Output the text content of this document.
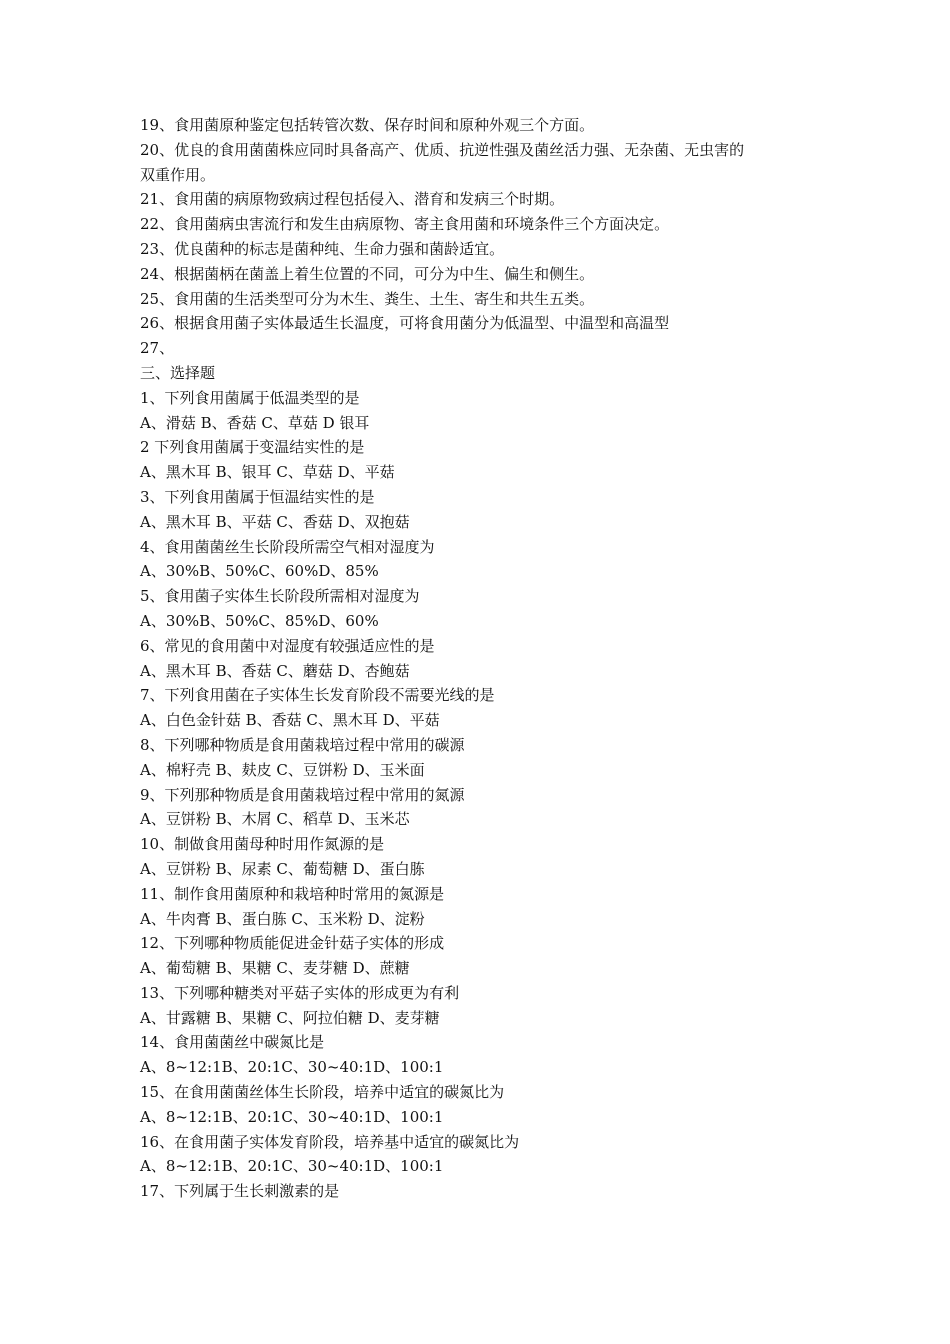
19、食用菌原种鉴定包括转管次数、保存时间和原种外观三个方面。
20、优良的食用菌菌株应同时具备高产、优质、抗逆性强及菌丝活力强、无杂菌、无虫害的
双重作用。
21、食用菌的病原物致病过程包括侵入、潜育和发病三个时期。
22、食用菌病虫害流行和发生由病原物、寄主食用菌和环境条件三个方面决定。
23、优良菌种的标志是菌种纯、生命力强和菌龄适宜。
24、根据菌柄在菌盖上着生位置的不同，可分为中生、偏生和侧生。
25、食用菌的生活类型可分为木生、粪生、土生、寄生和共生五类。
26、根据食用菌子实体最适生长温度，可将食用菌分为低温型、中温型和高温型
27、
三、选择题
1、下列食用菌属于低温类型的是
A、滑菇 B、香菇 C、草菇 D 银耳
2 下列食用菌属于变温结实性的是
A、黑木耳 B、银耳 C、草菇 D、平菇
3、下列食用菌属于恒温结实性的是
A、黑木耳 B、平菇 C、香菇 D、双抱菇
4、食用菌菌丝生长阶段所需空气相对湿度为
A、30%B、50%C、60%D、85%
5、食用菌子实体生长阶段所需相对湿度为
A、30%B、50%C、85%D、60%
6、常见的食用菌中对湿度有较强适应性的是
A、黑木耳 B、香菇 C、蘑菇 D、杏鲍菇
7、下列食用菌在子实体生长发育阶段不需要光线的是
A、白色金针菇 B、香菇 C、黑木耳 D、平菇
8、下列哪种物质是食用菌栽培过程中常用的碳源
A、棉籽壳 B、麸皮 C、豆饼粉 D、玉米面
9、下列那种物质是食用菌栽培过程中常用的氮源
A、豆饼粉 B、木屑 C、稻草 D、玉米芯
10、制做食用菌母种时用作氮源的是
A、豆饼粉 B、尿素 C、葡萄糖 D、蛋白胨
11、制作食用菌原种和栽培种时常用的氮源是
A、牛肉膏 B、蛋白胨 C、玉米粉 D、淀粉
12、下列哪种物质能促进金针菇子实体的形成
A、葡萄糖 B、果糖 C、麦芽糖 D、蔗糖
13、下列哪种糖类对平菇子实体的形成更为有利
A、甘露糖 B、果糖 C、阿拉伯糖 D、麦芽糖
14、食用菌菌丝中碳氮比是
A、8~12:1B、20:1C、30~40:1D、100:1
15、在食用菌菌丝体生长阶段，培养中适宜的碳氮比为
A、8~12:1B、20:1C、30~40:1D、100:1
16、在食用菌子实体发育阶段，培养基中适宜的碳氮比为
A、8~12:1B、20:1C、30~40:1D、100:1
17、下列属于生长刺激素的是
